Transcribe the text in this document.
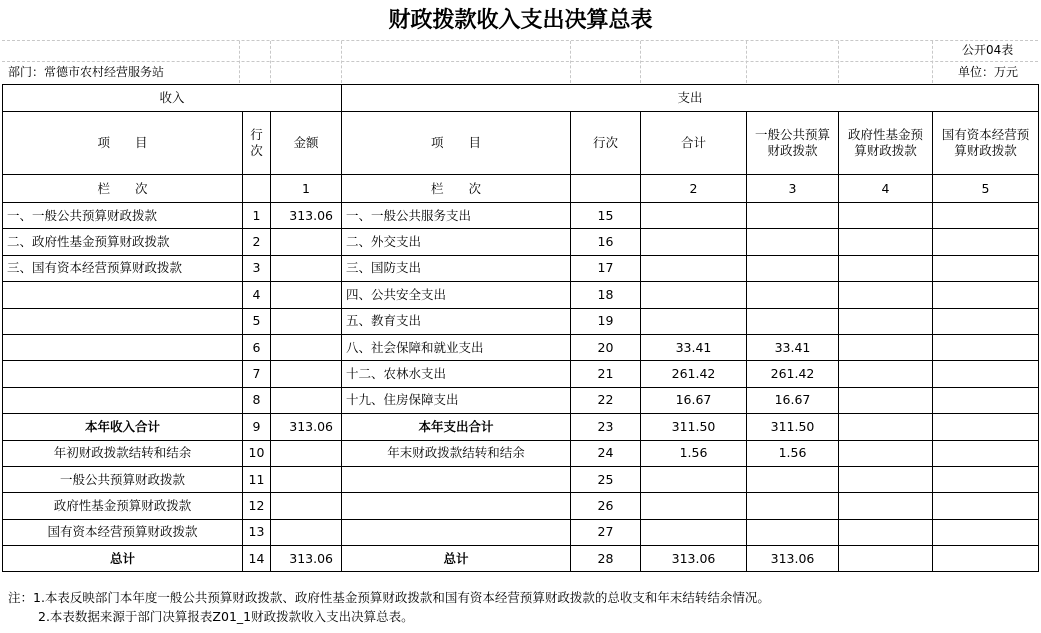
财政拨款收入支出决算总表
公开04表
部门：常德市农村经营服务站	单位：万元
收入			支出					
项　　目	行次	金额	项　　目	行次	合计	一般公共预算财政拨款	政府性基金预算财政拨款	国有资本经营预算财政拨款
栏　　次		1	栏　　次		2	3	4	5
一、一般公共预算财政拨款	1	313.06	一、一般公共服务支出	15				
二、政府性基金预算财政拨款	2		二、外交支出	16				
三、国有资本经营预算财政拨款	3		三、国防支出	17				
	4		四、公共安全支出	18				
	5		五、教育支出	19				
	6		八、社会保障和就业支出	20	33.41	33.41		
	7		十二、农林水支出	21	261.42	261.42		
	8		十九、住房保障支出	22	16.67	16.67		
本年收入合计	9	313.06	本年支出合计	23	311.50	311.50		
年初财政拨款结转和结余	10		年末财政拨款结转和结余	24	1.56	1.56		
一般公共预算财政拨款	11			25				
政府性基金预算财政拨款	12			26				
国有资本经营预算财政拨款	13			27				
总计	14	313.06	总计	28	313.06	313.06		
注：1.本表反映部门本年度一般公共预算财政拨款、政府性基金预算财政拨款和国有资本经营预算财政拨款的总收支和年末结转结余情况。
2.本表数据来源于部门决算报表Z01_1财政拨款收入支出决算总表。
